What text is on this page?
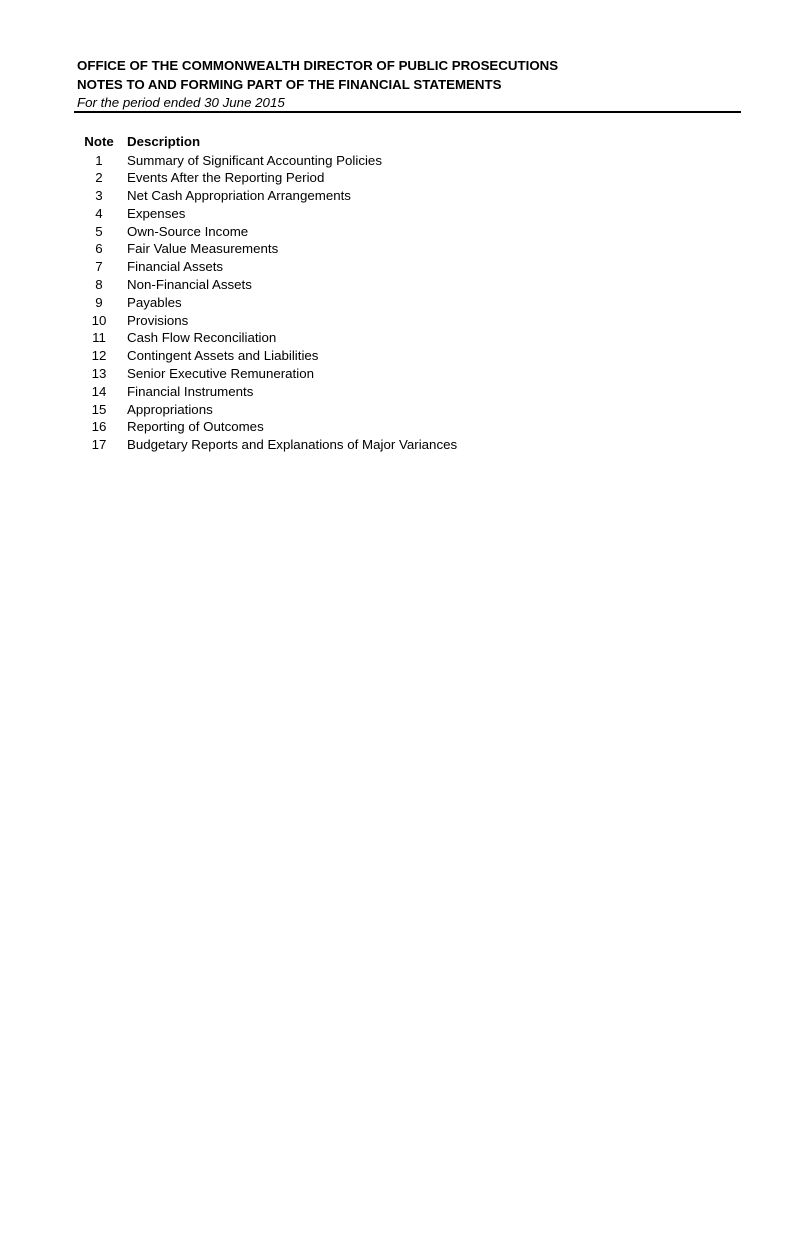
OFFICE OF THE COMMONWEALTH DIRECTOR OF PUBLIC PROSECUTIONS

NOTES TO AND FORMING PART OF THE FINANCIAL STATEMENTS

For the period ended 30 June 2015

Note	Description
1	Summary of Significant Accounting Policies
2	Events After the Reporting Period
3	Net Cash Appropriation Arrangements
4	Expenses
5	Own-Source Income
6	Fair Value Measurements
7	Financial Assets
8	Non-Financial Assets
9	Payables
10	Provisions
11	Cash Flow Reconciliation
12	Contingent Assets and Liabilities
13	Senior Executive Remuneration
14	Financial Instruments
15	Appropriations
16	Reporting of Outcomes
17	Budgetary Reports and Explanations of Major Variances
